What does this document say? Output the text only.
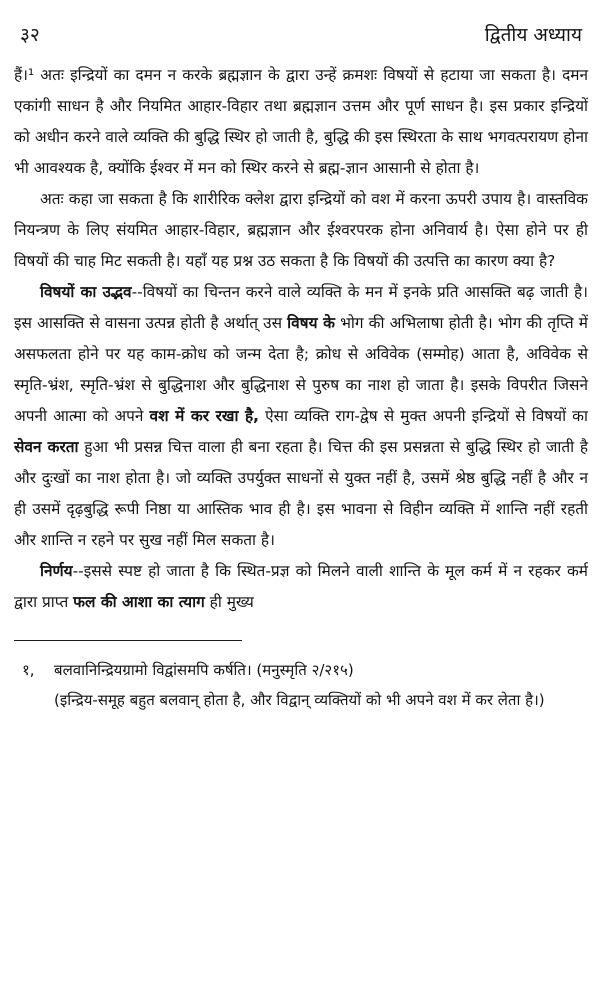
३२	द्वितीय अध्याय

हैं।¹ अतः इन्द्रियों का दमन न करके ब्रह्मज्ञान के द्वारा उन्हें क्रमशः विषयों से हटाया जा सकता है। दमन एकांगी साधन है और नियमित आहार-विहार तथा ब्रह्मज्ञान उत्तम और पूर्ण साधन है। इस प्रकार इन्द्रियों को अधीन करने वाले व्यक्ति की बुद्धि स्थिर हो जाती है, बुद्धि की इस स्थिरता के साथ भगवत्परायण होना भी आवश्यक है, क्योंकि ईश्वर में मन को स्थिर करने से ब्रह्म-ज्ञान आसानी से होता है।

अतः कहा जा सकता है कि शारीरिक क्लेश द्वारा इन्द्रियों को वश में करना ऊपरी उपाय है। वास्तविक नियन्त्रण के लिए संयमित आहार-विहार, ब्रह्मज्ञान और ईश्वरपरक होना अनिवार्य है। ऐसा होने पर ही विषयों की चाह मिट सकती है। यहाँ यह प्रश्न उठ सकता है कि विषयों की उत्पत्ति का कारण क्या है?

विषयों का उद्भव--विषयों का चिन्तन करने वाले व्यक्ति के मन में इनके प्रति आसक्ति बढ़ जाती है। इस आसक्ति से वासना उत्पन्न होती है अर्थात् उस विषय के भोग की अभिलाषा होती है। भोग की तृप्ति में असफलता होने पर यह काम-क्रोध को जन्म देता है; क्रोध से अविवेक (सम्मोह) आता है, अविवेक से स्मृति-भ्रंश, स्मृति-भ्रंश से बुद्धिनाश और बुद्धिनाश से पुरुष का नाश हो जाता है। इसके विपरीत जिसने अपनी आत्मा को अपने वश में कर रखा है, ऐसा व्यक्ति राग-द्वेष से मुक्त अपनी इन्द्रियों से विषयों का सेवन करता हुआ भी प्रसन्न चित्त वाला ही बना रहता है। चित्त की इस प्रसन्नता से बुद्धि स्थिर हो जाती है और दुःखों का नाश होता है। जो व्यक्ति उपर्युक्त साधनों से युक्त नहीं है, उसमें श्रेष्ठ बुद्धि नहीं है और न ही उसमें दृढ़बुद्धि रूपी निष्ठा या आस्तिक भाव ही है। इस भावना से विहीन व्यक्ति में शान्ति नहीं रहती और शान्ति न रहने पर सुख नहीं मिल सकता है।

निर्णय--इससे स्पष्ट हो जाता है कि स्थित-प्रज्ञ को मिलने वाली शान्ति के मूल कर्म में न रहकर कर्म द्वारा प्राप्त फल की आशा का त्याग ही मुख्य

१,	बलवानिन्द्रियग्रामो विद्वांसमपि कर्षति। (मनुस्मृति २/२१५)
(इन्द्रिय-समूह बहुत बलवान् होता है, और विद्वान् व्यक्तियों को भी अपने वश में कर लेता है।)
